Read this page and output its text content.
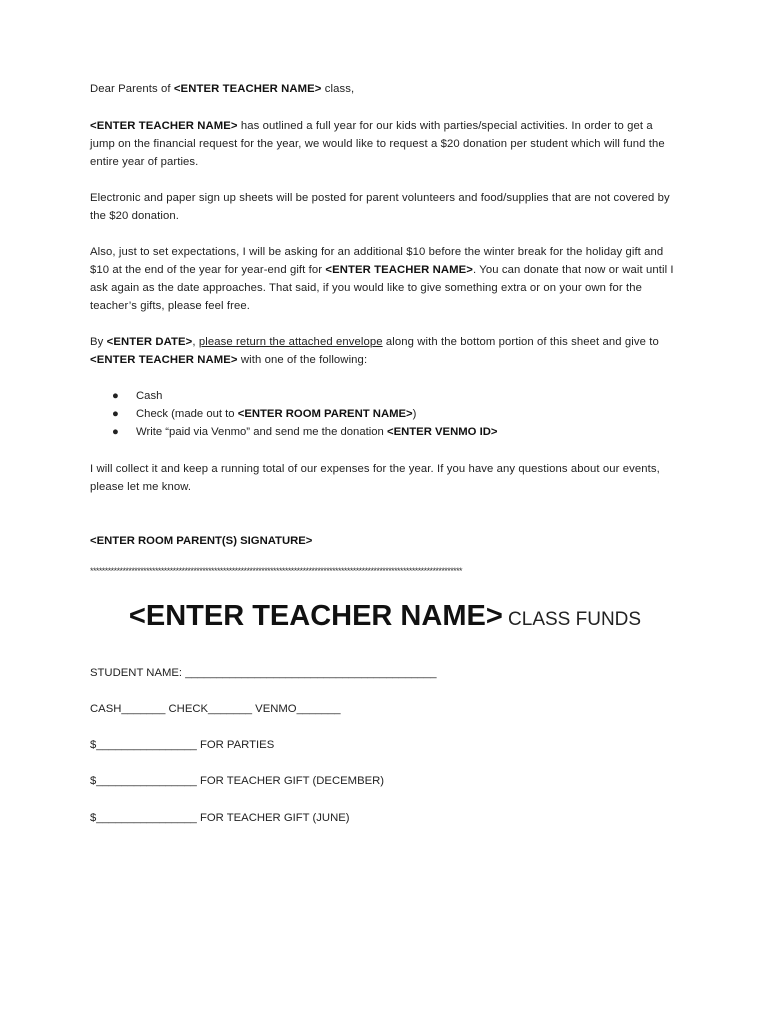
Dear Parents of <ENTER TEACHER NAME> class,

<ENTER TEACHER NAME> has outlined a full year for our kids with parties/special activities. In order to get a jump on the financial request for the year, we would like to request a $20 donation per student which will fund the entire year of parties.

Electronic and paper sign up sheets will be posted for parent volunteers and food/supplies that are not covered by the $20 donation.

Also, just to set expectations, I will be asking for an additional $10 before the winter break for the holiday gift and $10 at the end of the year for year-end gift for <ENTER TEACHER NAME>. You can donate that now or wait until I ask again as the date approaches. That said, if you would like to give something extra or on your own for the teacher’s gifts, please feel free.

By <ENTER DATE>, please return the attached envelope along with the bottom portion of this sheet and give to <ENTER TEACHER NAME> with one of the following:

● Cash
● Check (made out to <ENTER ROOM PARENT NAME>)
● Write “paid via Venmo” and send me the donation <ENTER VENMO ID>

I will collect it and keep a running total of our expenses for the year. If you have any questions about our events, please let me know.

<ENTER ROOM PARENT(S) SIGNATURE>
******************************************************************************************************************************
<ENTER TEACHER NAME> CLASS FUNDS
STUDENT NAME: ________________________________________
CASH_______ CHECK_______ VENMO_______
$________________ FOR PARTIES
$________________ FOR TEACHER GIFT (DECEMBER)
$________________ FOR TEACHER GIFT (JUNE)
